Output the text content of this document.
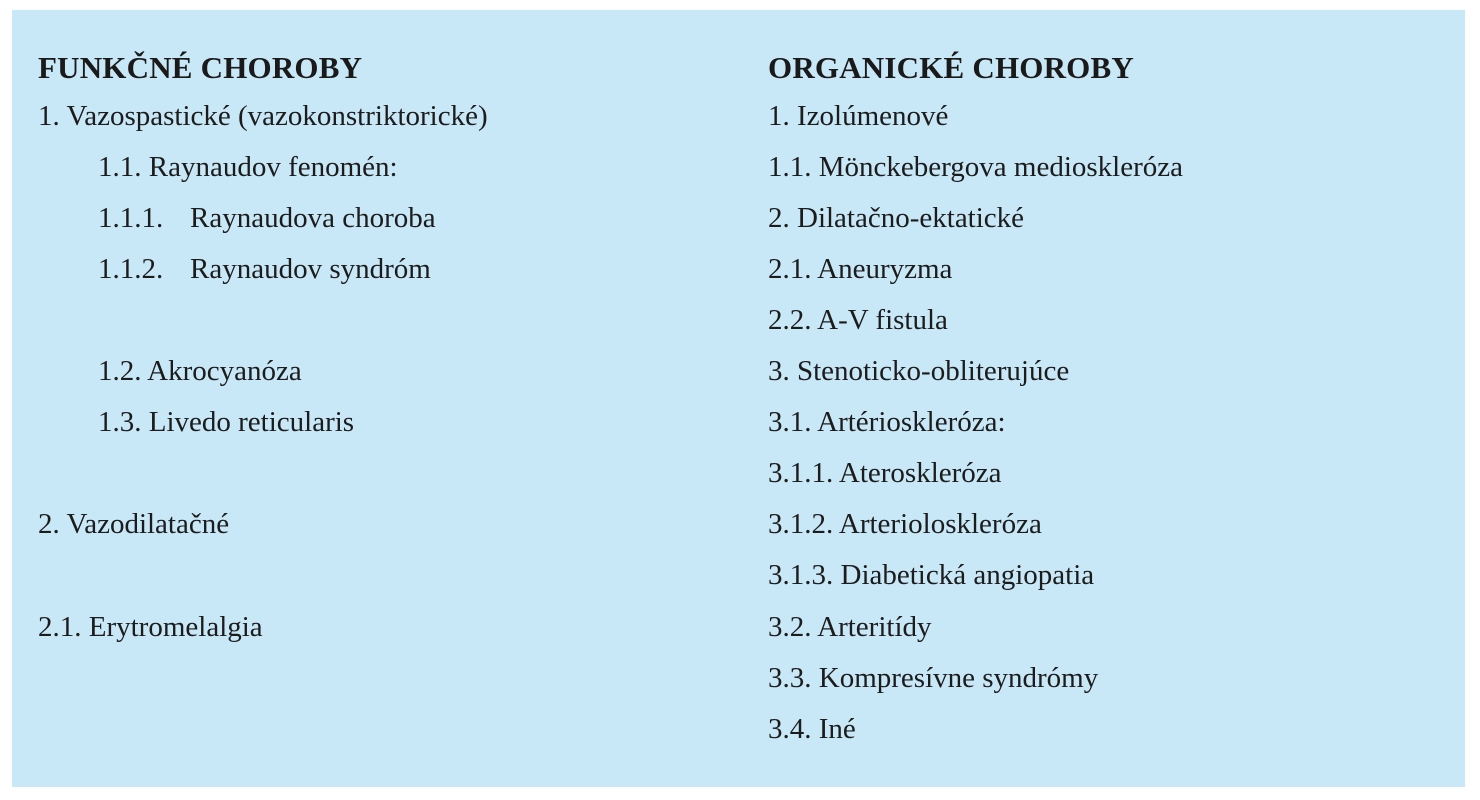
FUNKČNÉ CHOROBY

1. Vazospastické (vazokonstriktorické)

1.1. Raynaudov fenomén:

1.1.1. Raynaudova choroba

1.1.2. Raynaudov syndróm

1.2. Akrocyanóza

1.3. Livedo reticularis

2. Vazodilatačné

2.1. Erytromelalgia

ORGANICKÉ CHOROBY

1. Izolúmenové

1.1. Mönckebergova medioskleróza

2. Dilatačno-ektatické

2.1. Aneuryzma

2.2. A-V fistula

3. Stenoticko-obliterujúce

3.1. Artérioskleróza:

3.1.1. Ateroskleróza

3.1.2. Arterioloskleróza

3.1.3. Diabetická angiopatia

3.2. Arteritídy

3.3. Kompresívne syndrómy

3.4. Iné
